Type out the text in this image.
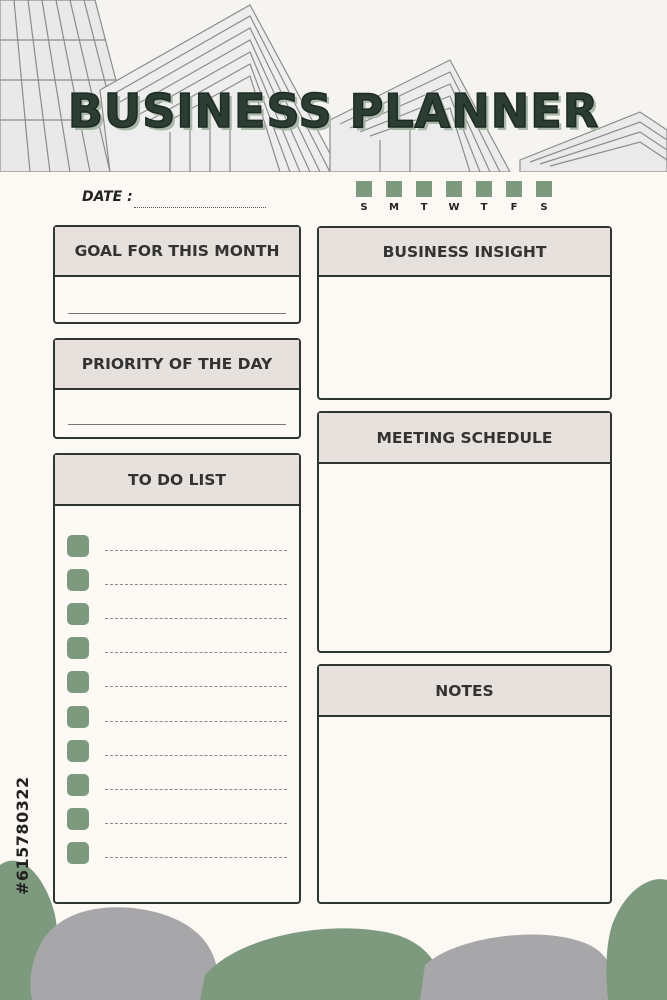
BUSINESS PLANNER
DATE :
S	M	T	W	T	F	S
GOAL FOR THIS MONTH
PRIORITY OF THE DAY
TO DO LIST
BUSINESS INSIGHT
MEETING SCHEDULE
NOTES
#615780322
